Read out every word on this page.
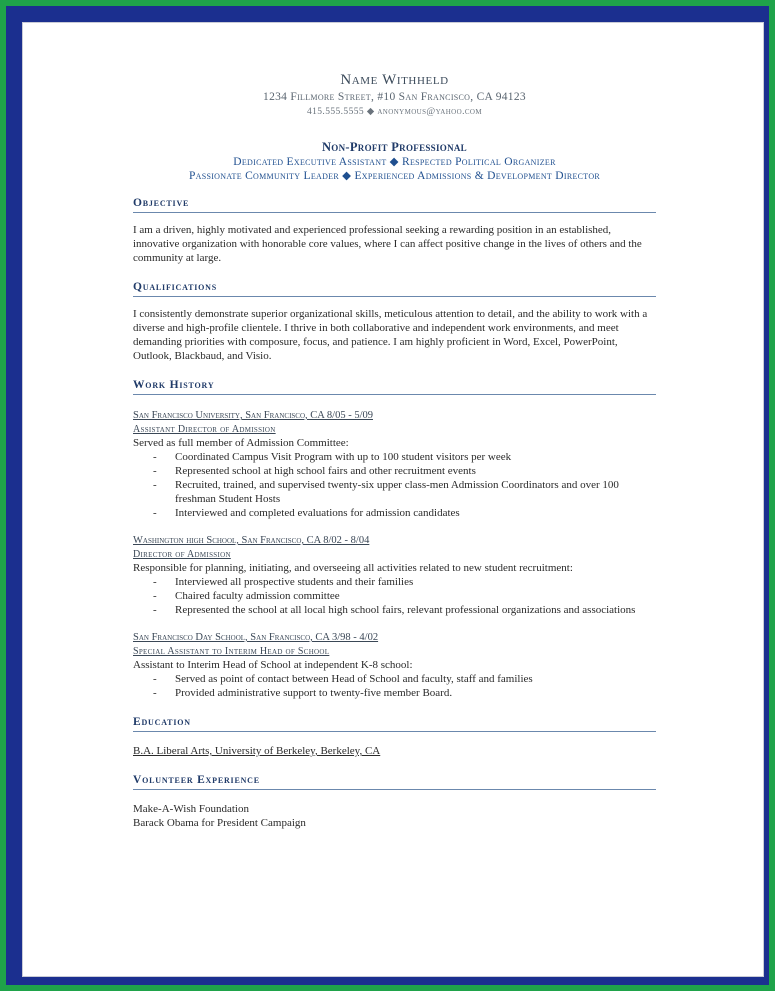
Name Withheld
1234 Fillmore Street, #10 San Francisco, CA 94123
415.555.5555 ◆ anonymous@yahoo.com
Non-Profit Professional
Dedicated Executive Assistant ◆ Respected Political Organizer
Passionate Community Leader ◆ Experienced Admissions & Development Director
Objective
I am a driven, highly motivated and experienced professional seeking a rewarding position in an established, innovative organization with honorable core values, where I can affect positive change in the lives of others and the community at large.
Qualifications
I consistently demonstrate superior organizational skills, meticulous attention to detail, and the ability to work with a diverse and high-profile clientele. I thrive in both collaborative and independent work environments, and meet demanding priorities with composure, focus, and patience. I am highly proficient in Word, Excel, PowerPoint, Outlook, Blackbaud, and Visio.
Work History
San Francisco University, San Francisco, CA 8/05 - 5/09
Assistant Director of Admission
Served as full member of Admission Committee:
- Coordinated Campus Visit Program with up to 100 student visitors per week
- Represented school at high school fairs and other recruitment events
- Recruited, trained, and supervised twenty-six upper class-men Admission Coordinators and over 100 freshman Student Hosts
- Interviewed and completed evaluations for admission candidates
Washington high School, San Francisco, CA 8/02 - 8/04
Director of Admission
Responsible for planning, initiating, and overseeing all activities related to new student recruitment:
- Interviewed all prospective students and their families
- Chaired faculty admission committee
- Represented the school at all local high school fairs, relevant professional organizations and associations
San Francisco Day School, San Francisco, CA 3/98 - 4/02
Special Assistant to Interim Head of School
Assistant to Interim Head of School at independent K-8 school:
- Served as point of contact between Head of School and faculty, staff and families
- Provided administrative support to twenty-five member Board.
Education
B.A. Liberal Arts, University of Berkeley, Berkeley, CA
Volunteer Experience
Make-A-Wish Foundation
Barack Obama for President Campaign
